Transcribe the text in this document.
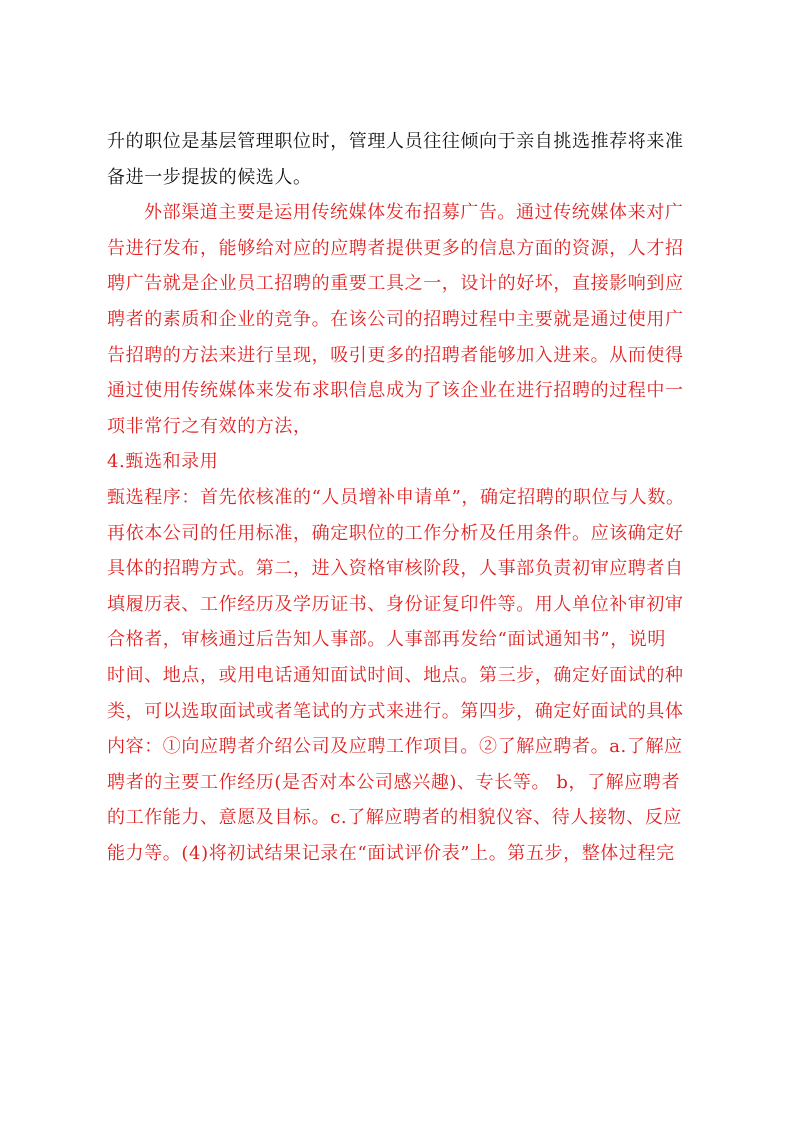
升的职位是基层管理职位时，管理人员往往倾向于亲自挑选推荐将来准
备进一步提拔的候选人。
外部渠道主要是运用传统媒体发布招募广告。通过传统媒体来对广
告进行发布，能够给对应的应聘者提供更多的信息方面的资源，人才招
聘广告就是企业员工招聘的重要工具之一，设计的好坏，直接影响到应
聘者的素质和企业的竞争。在该公司的招聘过程中主要就是通过使用广
告招聘的方法来进行呈现，吸引更多的招聘者能够加入进来。从而使得
通过使用传统媒体来发布求职信息成为了该企业在进行招聘的过程中一
项非常行之有效的方法，
4.甄选和录用
甄选程序：首先依核准的“人员增补申请单”，确定招聘的职位与人数。
再依本公司的任用标准，确定职位的工作分析及任用条件。应该确定好
具体的招聘方式。第二，进入资格审核阶段，人事部负责初审应聘者自
填履历表、工作经历及学历证书、身份证复印件等。用人单位补审初审
合格者，审核通过后告知人事部。人事部再发给“面试通知书”，说明
时间、地点，或用电话通知面试时间、地点。第三步，确定好面试的种
类，可以选取面试或者笔试的方式来进行。第四步，确定好面试的具体
内容：①向应聘者介绍公司及应聘工作项目。②了解应聘者。a.了解应
聘者的主要工作经历(是否对本公司感兴趣)、专长等。 b，了解应聘者
的工作能力、意愿及目标。c.了解应聘者的相貌仪容、待人接物、反应
能力等。(4)将初试结果记录在“面试评价表”上。第五步，整体过程完
